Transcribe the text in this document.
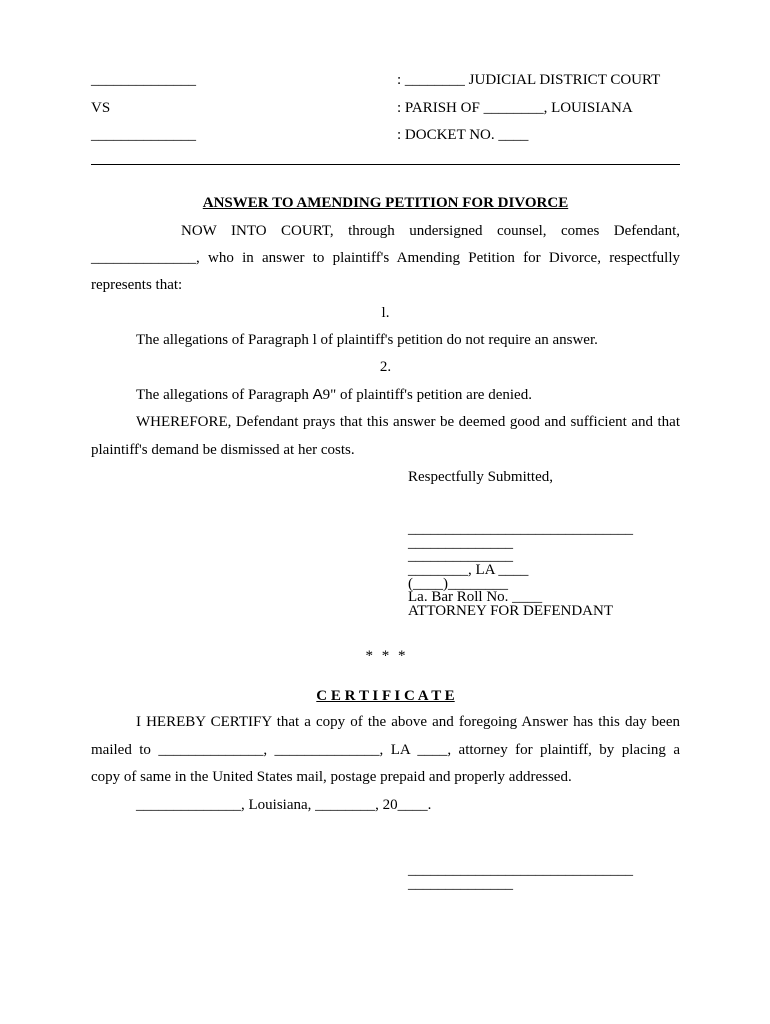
______________	: ________ JUDICIAL DISTRICT COURT
VS	: PARISH OF ________, LOUISIANA
______________	: DOCKET NO. ____
ANSWER TO AMENDING PETITION FOR DIVORCE
NOW INTO COURT, through undersigned counsel, comes Defendant,
______________, who in answer to plaintiff's Amending Petition for Divorce, respectfully
represents that:
l.
The allegations of Paragraph l of plaintiff's petition do not require an answer.
2.
The allegations of Paragraph A9" of plaintiff's petition are denied.
WHEREFORE, Defendant prays that this answer be deemed good and sufficient and that
plaintiff's demand be dismissed at her costs.
Respectfully Submitted,
______________________________
______________
______________
________, LA ____
(____)________
La. Bar Roll No. ____
ATTORNEY FOR DEFENDANT
* * *
C E R T I F I C A T E
I HEREBY CERTIFY that a copy of the above and foregoing Answer has this day been
mailed to ______________, ______________, LA ____, attorney for plaintiff, by placing a
copy of same in the United States mail, postage prepaid and properly addressed.
______________, Louisiana, ________, 20____.
______________________________
______________
